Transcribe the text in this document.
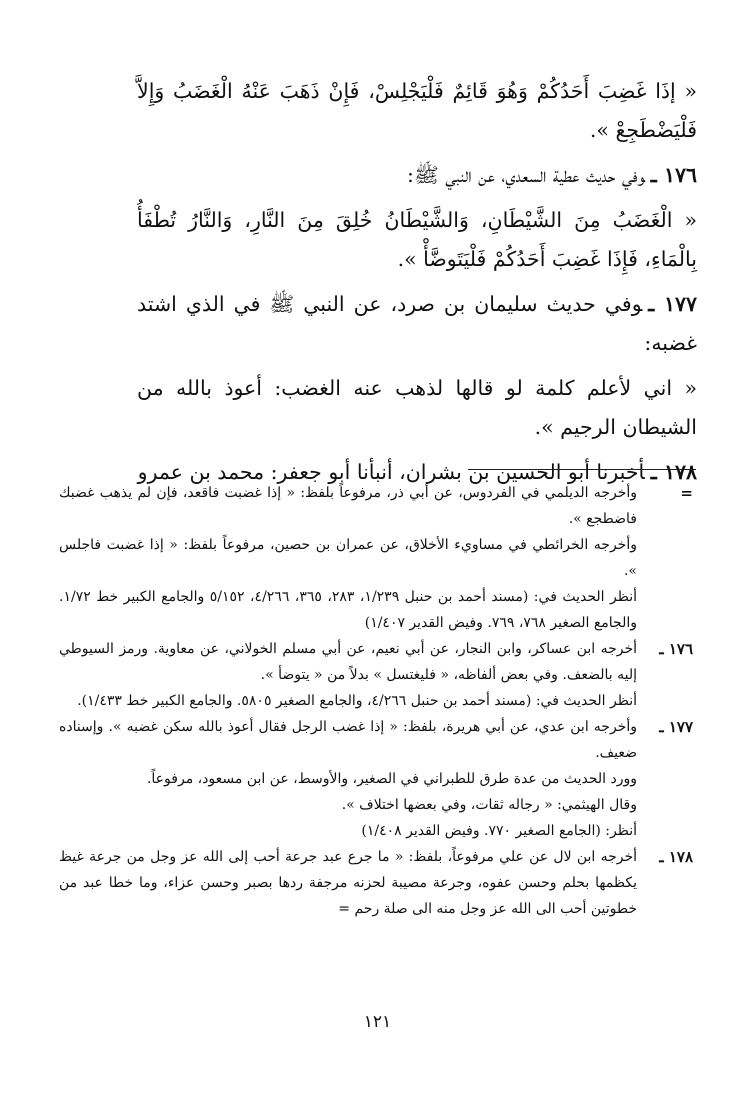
« إذَا غَضِبَ أَحَدُكُمْ وَهُوَ قَائِمٌ فَلْيَجْلِسْ، فَإِنْ ذَهَبَ عَنْهُ الْغَضَبُ وَإِلاَّ فَلْيَضْطَجِعْ ».

١٧٦ ـوفي حديث عطية السعدي، عن النبي ﷺ:

« الْغَضَبُ مِنَ الشَّيْطَانِ، وَالشَّيْطَانُ خُلِقَ مِنَ النَّارِ، وَالنَّارُ تُطْفَأُ بِالْمَاءِ، فَإِذَا غَضِبَ أَحَدُكُمْ فَلْيَتَوضَّأْ ».

١٧٧ ـوفي حديث سليمان بن صرد، عن النبي ﷺ في الذي اشتد غضبه:

« اني لأعلم كلمة لو قالها لذهب عنه الغضب: أعوذ بالله من الشيطان الرجيم ».

١٧٨ ـأخبرنا أبو الحسين بن بشران، أنبأنا أبو جعفر: محمد بن عمرو

=

وأخرجه الديلمي في الفردوس، عن أبي ذر، مرفوعاً بلفظ: « إذا غضبت فاقعد، فإن لم يذهب غضبك فاضطجع ».

وأخرجه الخرائطي في مساويء الأخلاق، عن عمران بن حصين، مرفوعاً بلفظ: « إذا غضبت فاجلس ».

أنظر الحديث في: (مسند أحمد بن حنبل ١/٢٣٩، ٢٨٣، ٣٦٥، ٤/٢٦٦، ٥/١٥٢ والجامع الكبير خط ١/٧٢. والجامع الصغير ٧٦٨، ٧٦٩. وفيض القدير ١/٤٠٧)

١٧٦ ـ

أخرجه ابن عساكر، وابن النجار، عن أبي نعيم، عن أبي مسلم الخولاني، عن معاوية. ورمز السيوطي إليه بالضعف. وفي بعض ألفاظه، « فليغتسل » بدلاً من « يتوضأ ».

أنظر الحديث في: (مسند أحمد بن حنبل ٤/٢٦٦، والجامع الصغير ٥٨٠٥. والجامع الكبير خط ١/٤٣٣).

١٧٧ ـ

وأخرجه ابن عدي، عن أبي هريرة، بلفظ: « إذا غضب الرجل فقال أعوذ بالله سكن غضبه ». وإسناده ضعيف.

وورد الحديث من عدة طرق للطبراني في الصغير، والأوسط، عن ابن مسعود، مرفوعاً.

وقال الهيثمي: « رجاله ثقات، وفي بعضها اختلاف ».

أنظر: (الجامع الصغير ٧٧٠. وفيض القدير ١/٤٠٨)

١٧٨ ـ

أخرجه ابن لال عن علي مرفوعاً، بلفظ: « ما جرع عبد جرعة أحب إلى الله عز وجل من جرعة غيظ يكظمها بحلم وحسن عفوه، وجرعة مصيبة لحزنه مرجفة ردها بصبر وحسن عزاء، وما خطا عبد من خطوتين أحب الى الله عز وجل منه الى صلة رحم =

١٢١
